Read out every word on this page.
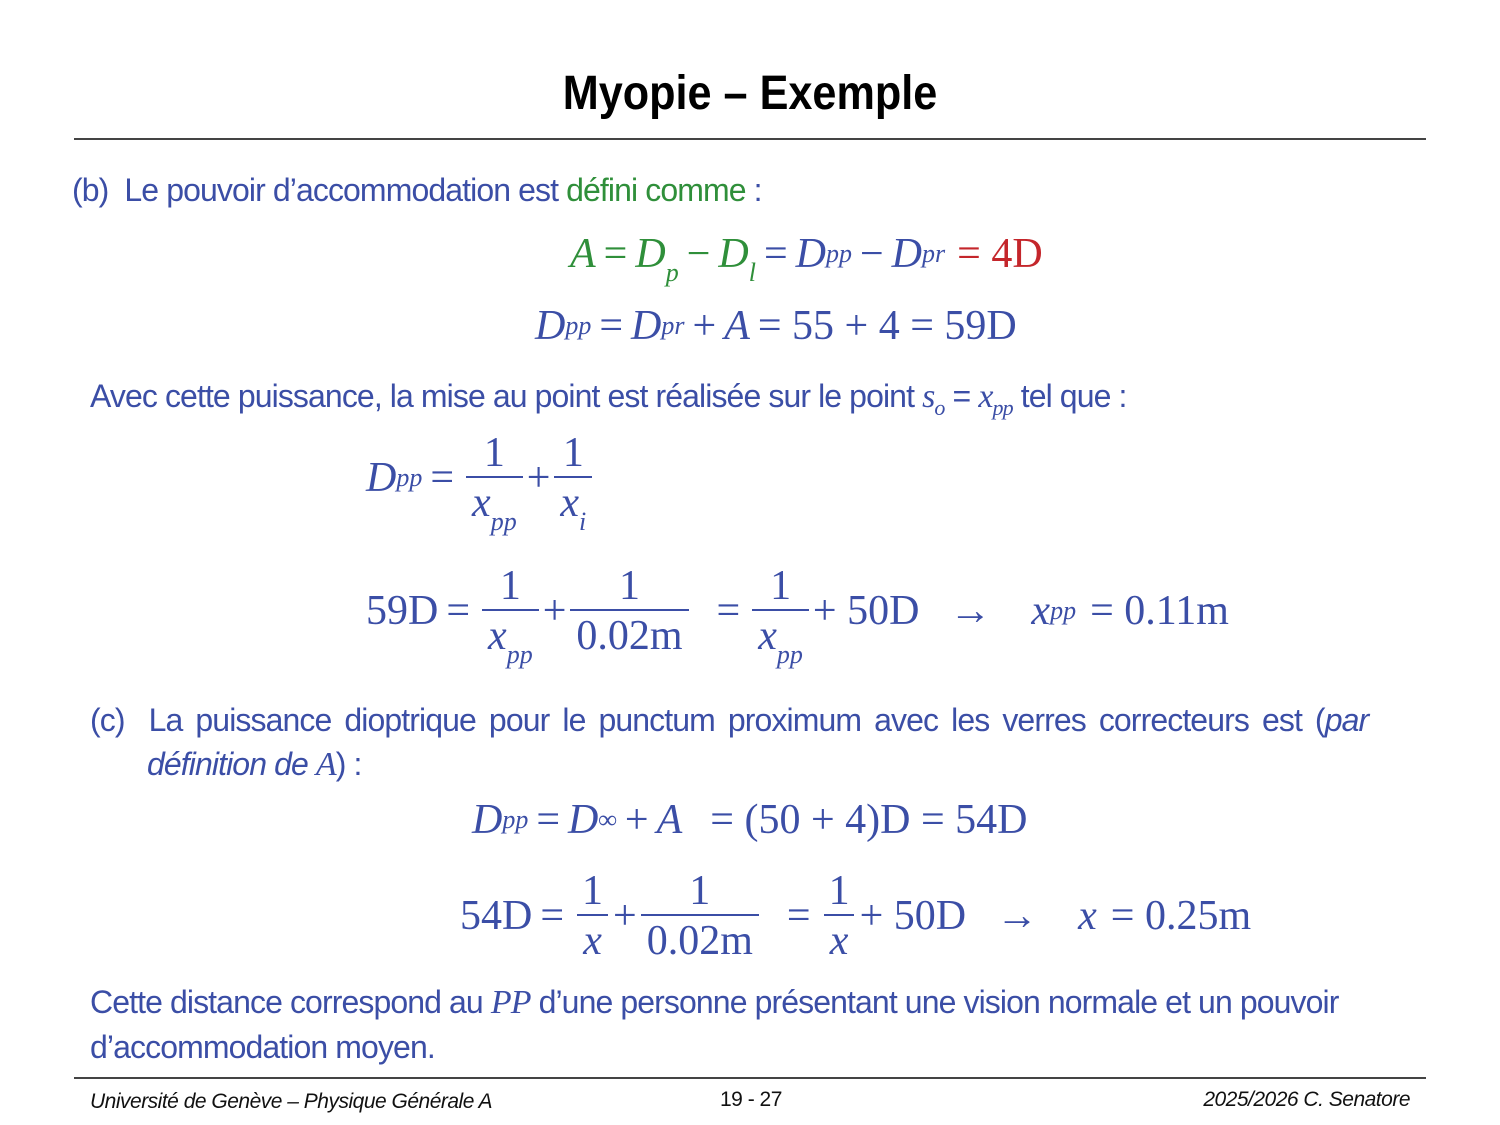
Myopie – Exemple
(b) Le pouvoir d’accommodation est défini comme :
$A = D_p - D_l = D$ pp − D pr = 4D
D pp = D pr + A = 55 + 4 = 59D
Avec cette puissance, la mise au point est réalisée sur le point $s_o = x_{pp}$ tel que :
D pp = $\frac{1}{x_{pp}} + \frac{1}{x_i}$
$59D = \frac{1}{x_{pp}} + \frac{1}{0.02m} = \frac{1}{x_{pp}} + 50D \to x$ pp = 0.11m
(c) La puissance dioptrique pour le punctum proximum avec les verres correcteurs est (par
définition de A) :
D pp = D ∞ + A = (50 + 4)D = 54D
$54D = \frac{1}{x} + \frac{1}{0.02m} = \frac{1}{x} + 50D \to x = 0.25m$
Cette distance correspond au PP d’une personne présentant une vision normale et un pouvoir
d’accommodation moyen.
Université de Genève – Physique Générale A	19 - 27	2025/2026 C. Senatore
